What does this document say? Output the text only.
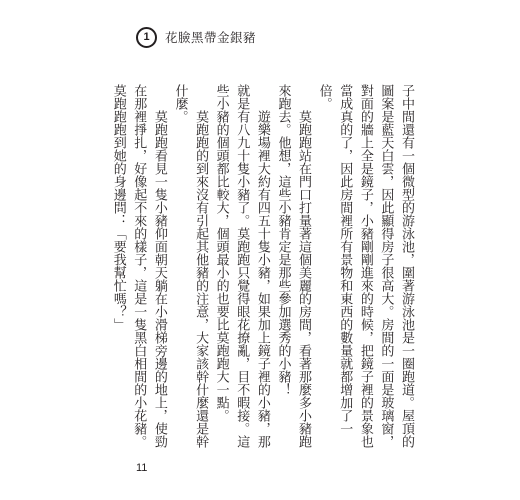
1	花臉黑帶金銀豬

子中間還有一個微型的游泳池，圍著游泳池是一圈跑道。屋頂的圖案是藍天白雲，因此顯得房子很高大。房間的一面是玻璃窗，對面的牆上全是鏡子，小豬剛剛進來的時候，把鏡子裡的景象也當成真的了，因此房間裡所有景物和東西的數量就都增加了一倍。

莫跑跑站在門口打量著這個美麗的房間，看著那麼多小豬跑來跑去。他想，這些小豬肯定是那些參加選秀的小豬！

遊樂場裡大約有四五十隻小豬，如果加上鏡子裡的小豬，那就是有八九十隻小豬了。莫跑跑只覺得眼花撩亂，目不暇接。這些小豬的個頭都比較大，個頭最小的也要比莫跑跑大一點。

莫跑跑的到來沒有引起其他豬的注意，大家該幹什麼還是幹什麼。

莫跑跑看見一隻小豬仰面朝天躺在小滑梯旁邊的地上，使勁在那裡掙扎，好像起不來的樣子，這是一隻黑白相間的小花豬。莫跑跑跑到她的身邊問：「要我幫忙嗎？」

11
